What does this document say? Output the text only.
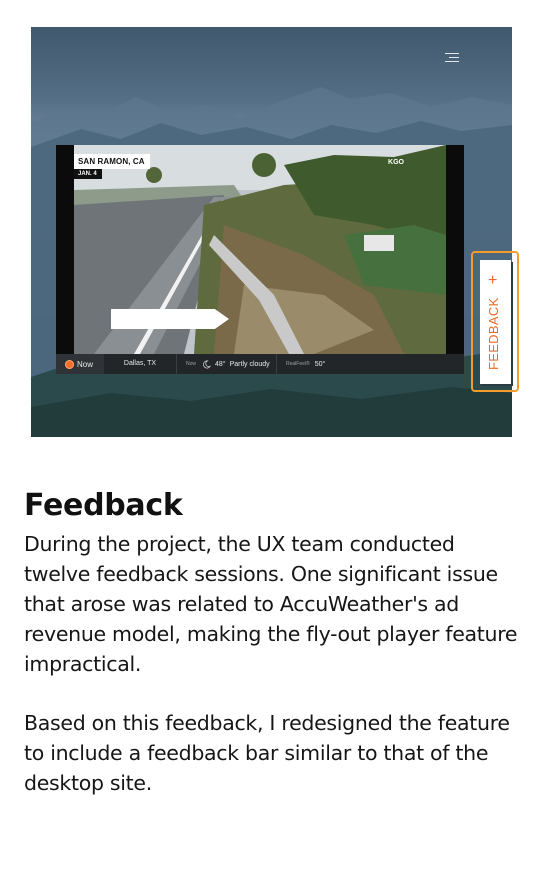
SAN RAMON, CA
JAN. 4
KGO
Now	Dallas, TX	Now	48° Partly cloudy	RealFeel® 50°
+
FEEDBACK
Feedback

During the project, the UX team conducted twelve feedback sessions. One significant issue that arose was related to AccuWeather's ad revenue model, making the fly-out player feature impractical.

Based on this feedback, I redesigned the feature to include a feedback bar similar to that of the desktop site.
